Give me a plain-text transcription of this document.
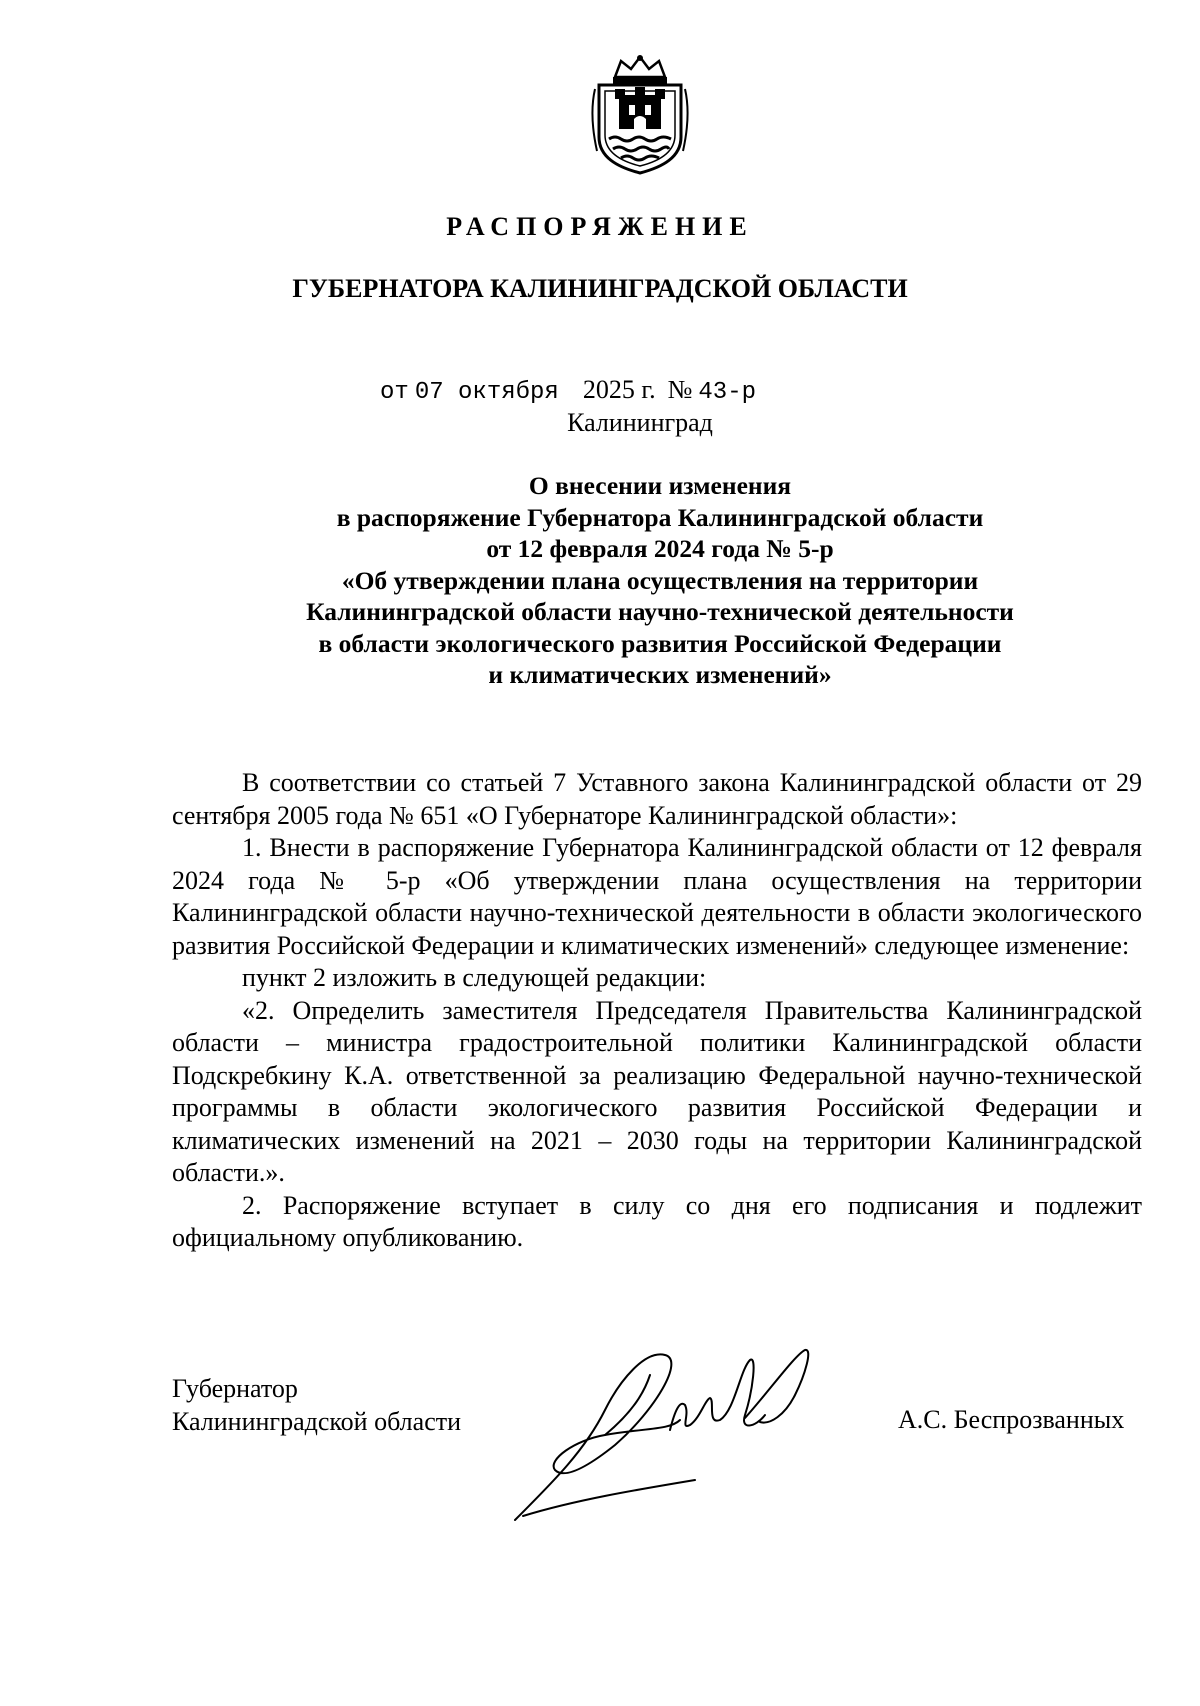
РАСПОРЯЖЕНИЕ
ГУБЕРНАТОРА КАЛИНИНГРАДСКОЙ ОБЛАСТИ
от 07 октября 2025 г. № 43-р
Калининград
О внесении изменения
в распоряжение Губернатора Калининградской области
от 12 февраля 2024 года № 5-р
«Об утверждении плана осуществления на территории
Калининградской области научно-технической деятельности
в области экологического развития Российской Федерации
и климатических изменений»

В соответствии со статьей 7 Уставного закона Калининградской области от 29 сентября 2005 года № 651 «О Губернаторе Калининградской области»:

1. Внести в распоряжение Губернатора Калининградской области от 12 февраля 2024 года № 5-р «Об утверждении плана осуществления на территории Калининградской области научно-технической деятельности в области экологического развития Российской Федерации и климатических изменений» следующее изменение:

пункт 2 изложить в следующей редакции:

«2. Определить заместителя Председателя Правительства Калининградской области – министра градостроительной политики Калининградской области Подскребкину К.А. ответственной за реализацию Федеральной научно-технической программы в области экологического развития Российской Федерации и климатических изменений на 2021 – 2030 годы на территории Калининградской области.».

2. Распоряжение вступает в силу со дня его подписания и подлежит официальному опубликованию.

Губернатор
Калининградской области	А.С. Беспрозванных
